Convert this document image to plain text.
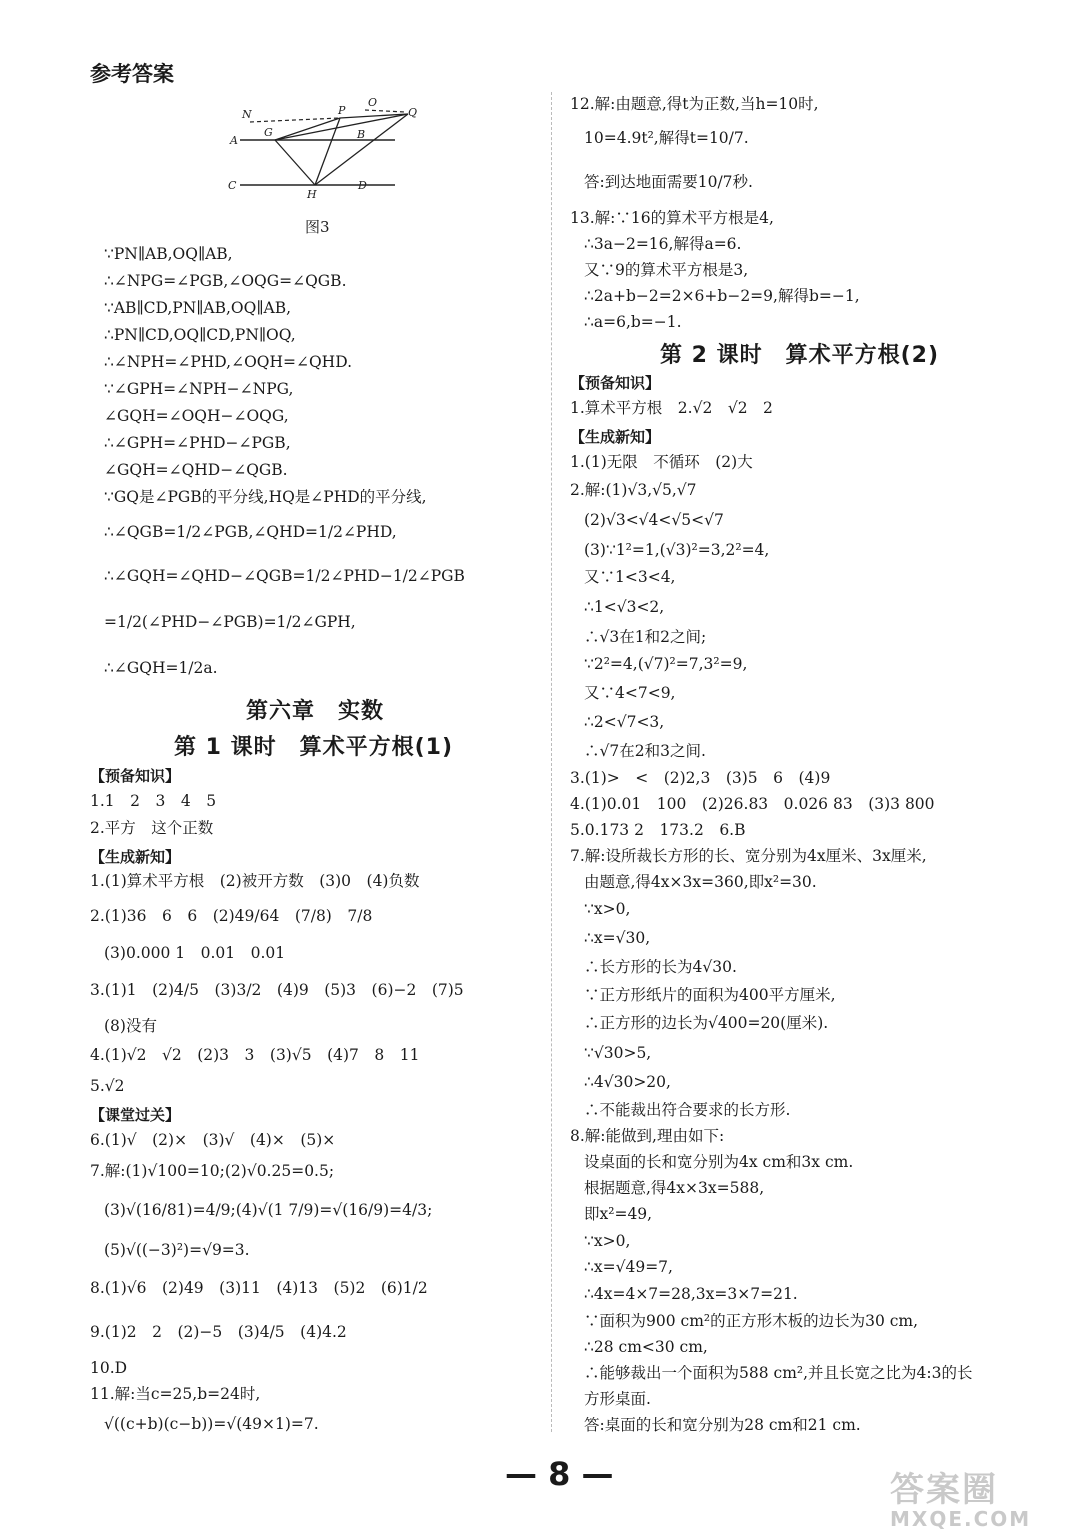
参考答案
N	P
O
Q
A
G	B
C
H
D
图3
∵PN∥AB,OQ∥AB,
∴∠NPG=∠PGB,∠OQG=∠QGB.
∵AB∥CD,PN∥AB,OQ∥AB,
∴PN∥CD,OQ∥CD,PN∥OQ,
∴∠NPH=∠PHD,∠OQH=∠QHD.
∵∠GPH=∠NPH−∠NPG,
∠GQH=∠OQH−∠OQG,
∴∠GPH=∠PHD−∠PGB,
∠GQH=∠QHD−∠QGB.
∵GQ是∠PGB的平分线,HQ是∠PHD的平分线,
∴∠QGB=1/2∠PGB,∠QHD=1/2∠PHD,
∴∠GQH=∠QHD−∠QGB=1/2∠PHD−1/2∠PGB
=1/2(∠PHD−∠PGB)=1/2∠GPH,
∴∠GQH=1/2a.
第六章　实数
第 1 课时　算术平方根(1)
【预备知识】
1.1　2　3　4　5
2.平方　这个正数
【生成新知】
1.(1)算术平方根　(2)被开方数　(3)0　(4)负数
2.(1)36　6　6　(2)49/64　(7/8)　7/8
(3)0.000 1　0.01　0.01
3.(1)1　(2)4/5　(3)3/2　(4)9　(5)3　(6)−2　(7)5
(8)没有
4.(1)√2　√2　(2)3　3　(3)√5　(4)7　8　11
5.√2
【课堂过关】
6.(1)√　(2)×　(3)√　(4)×　(5)×
7.解:(1)√100=10;(2)√0.25=0.5;
(3)√(16/81)=4/9;(4)√(1 7/9)=√(16/9)=4/3;
(5)√((−3)²)=√9=3.
8.(1)√6　(2)49　(3)11　(4)13　(5)2　(6)1/2
9.(1)2　2　(2)−5　(3)4/5　(4)4.2
10.D
11.解:当c=25,b=24时,
√((c+b)(c−b))=√(49×1)=7.
12.解:由题意,得t为正数,当h=10时,
10=4.9t²,解得t=10/7.
答:到达地面需要10/7秒.
13.解:∵16的算术平方根是4,
∴3a−2=16,解得a=6.
又∵9的算术平方根是3,
∴2a+b−2=2×6+b−2=9,解得b=−1,
∴a=6,b=−1.
第 2 课时　算术平方根(2)
【预备知识】
1.算术平方根　2.√2　√2　2
【生成新知】
1.(1)无限　不循环　(2)大
2.解:(1)√3,√5,√7
(2)√3<√4<√5<√7
(3)∵1²=1,(√3)²=3,2²=4,
又∵1<3<4,
∴1<√3<2,
∴√3在1和2之间;
∵2²=4,(√7)²=7,3²=9,
又∵4<7<9,
∴2<√7<3,
∴√7在2和3之间.
3.(1)>　<　(2)2,3　(3)5　6　(4)9
4.(1)0.01　100　(2)26.83　0.026 83　(3)3 800
5.0.173 2　173.2　6.B
7.解:设所裁长方形的长、宽分别为4x厘米、3x厘米,
由题意,得4x×3x=360,即x²=30.
∵x>0,
∴x=√30,
∴长方形的长为4√30.
∵正方形纸片的面积为400平方厘米,
∴正方形的边长为√400=20(厘米).
∵√30>5,
∴4√30>20,
∴不能裁出符合要求的长方形.
8.解:能做到,理由如下:
设桌面的长和宽分别为4x cm和3x cm.
根据题意,得4x×3x=588,
即x²=49,
∵x>0,
∴x=√49=7,
∴4x=4×7=28,3x=3×7=21.
∵面积为900 cm²的正方形木板的边长为30 cm,
∴28 cm<30 cm,
∴能够裁出一个面积为588 cm²,并且长宽之比为4:3的长
方形桌面.
答:桌面的长和宽分别为28 cm和21 cm.
— 8 —	答案圈
MXQE.COM
